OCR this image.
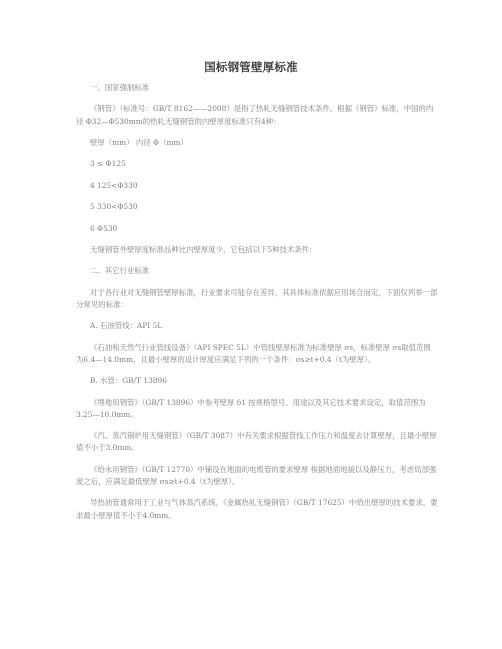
国标钢管壁厚标准

一、国家强制标准

《钢管》（标准号：GB/T 8162——2008）是指了热轧无缝钢管技术条件。根据《钢管》标准，中国的内径 Φ32—Φ530mm的热轧无缝钢管的内壁厚度标准只有4种：

壁厚（mm） 内径 Φ（mm）

3 ≤ Φ125

4 125<Φ330

5 330<Φ530

6 Φ530

无缝钢管外壁厚度标准品种比内壁厚度少，它包括以下5种技术条件：

二、其它行业标准

对于各行业对无缝钢管壁厚标准，行业要求可能存在差异，其具体标准依据应用场合而定，下面仅列举一部分常见的标准：

A. 石油管线：API 5L

《石油和天然气行业管线设备》（API SPEC 5L）中管线壁厚标准为标准壁厚 σs，标准壁厚 σs取值范围为6.4—14.0mm，且最小壁厚的设计厚度应满足下列的一个条件：σs≥t+0.4（t为壁厚）。

B. 水管：GB/T 13896

《埋地用钢管》（GB/T 13896）中参考壁厚 δ1 按规格型号、用途以及其它技术要求设定，取值范围为3.25—10.0mm。

《汽、蒸汽锅炉用无缝钢管》（GB/T 3087）中有关要求根据管线工作压力和温度去计算壁厚，且最小壁厚值不小于3.0mm。

《给水用钢管》（GB/T 12770）中铺设在地面的电缆管的要求壁厚 根据地面地貌以及静压力，考虑局部强度之后，应满足最低壁厚 σs≥t+0.4（t为壁厚）。

导热油管通常用于工业与气体蒸汽系统，《金属热轧无缝钢管》（GB/T 17625）中给出壁厚的技术要求，要求最小壁厚值不小于4.0mm。
